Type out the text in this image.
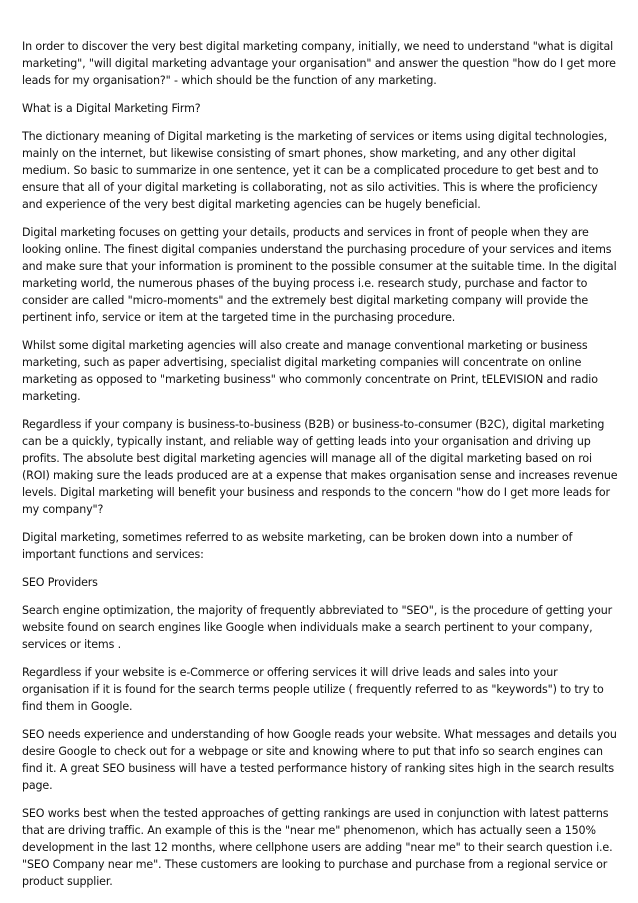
In order to discover the very best digital marketing company, initially, we need to understand "what is digital marketing", "will digital marketing advantage your organisation" and answer the question "how do I get more leads for my organisation?" - which should be the function of any marketing.

What is a Digital Marketing Firm?

The dictionary meaning of Digital marketing is the marketing of services or items using digital technologies, mainly on the internet, but likewise consisting of smart phones, show marketing, and any other digital medium. So basic to summarize in one sentence, yet it can be a complicated procedure to get best and to ensure that all of your digital marketing is collaborating, not as silo activities. This is where the proficiency and experience of the very best digital marketing agencies can be hugely beneficial.

Digital marketing focuses on getting your details, products and services in front of people when they are looking online. The finest digital companies understand the purchasing procedure of your services and items and make sure that your information is prominent to the possible consumer at the suitable time. In the digital marketing world, the numerous phases of the buying process i.e. research study, purchase and factor to consider are called "micro-moments" and the extremely best digital marketing company will provide the pertinent info, service or item at the targeted time in the purchasing procedure.

Whilst some digital marketing agencies will also create and manage conventional marketing or business marketing, such as paper advertising, specialist digital marketing companies will concentrate on online marketing as opposed to "marketing business" who commonly concentrate on Print, tELEVISION and radio marketing.

Regardless if your company is business-to-business (B2B) or business-to-consumer (B2C), digital marketing can be a quickly, typically instant, and reliable way of getting leads into your organisation and driving up profits. The absolute best digital marketing agencies will manage all of the digital marketing based on roi (ROI) making sure the leads produced are at a expense that makes organisation sense and increases revenue levels. Digital marketing will benefit your business and responds to the concern "how do I get more leads for my company"?

Digital marketing, sometimes referred to as website marketing, can be broken down into a number of important functions and services:

SEO Providers

Search engine optimization, the majority of frequently abbreviated to "SEO", is the procedure of getting your website found on search engines like Google when individuals make a search pertinent to your company, services or items .

Regardless if your website is e-Commerce or offering services it will drive leads and sales into your organisation if it is found for the search terms people utilize ( frequently referred to as "keywords") to try to find them in Google.

SEO needs experience and understanding of how Google reads your website. What messages and details you desire Google to check out for a webpage or site and knowing where to put that info so search engines can find it. A great SEO business will have a tested performance history of ranking sites high in the search results page.

SEO works best when the tested approaches of getting rankings are used in conjunction with latest patterns that are driving traffic. An example of this is the "near me" phenomenon, which has actually seen a 150% development in the last 12 months, where cellphone users are adding "near me" to their search question i.e. "SEO Company near me". These customers are looking to purchase and purchase from a regional service or product supplier.
